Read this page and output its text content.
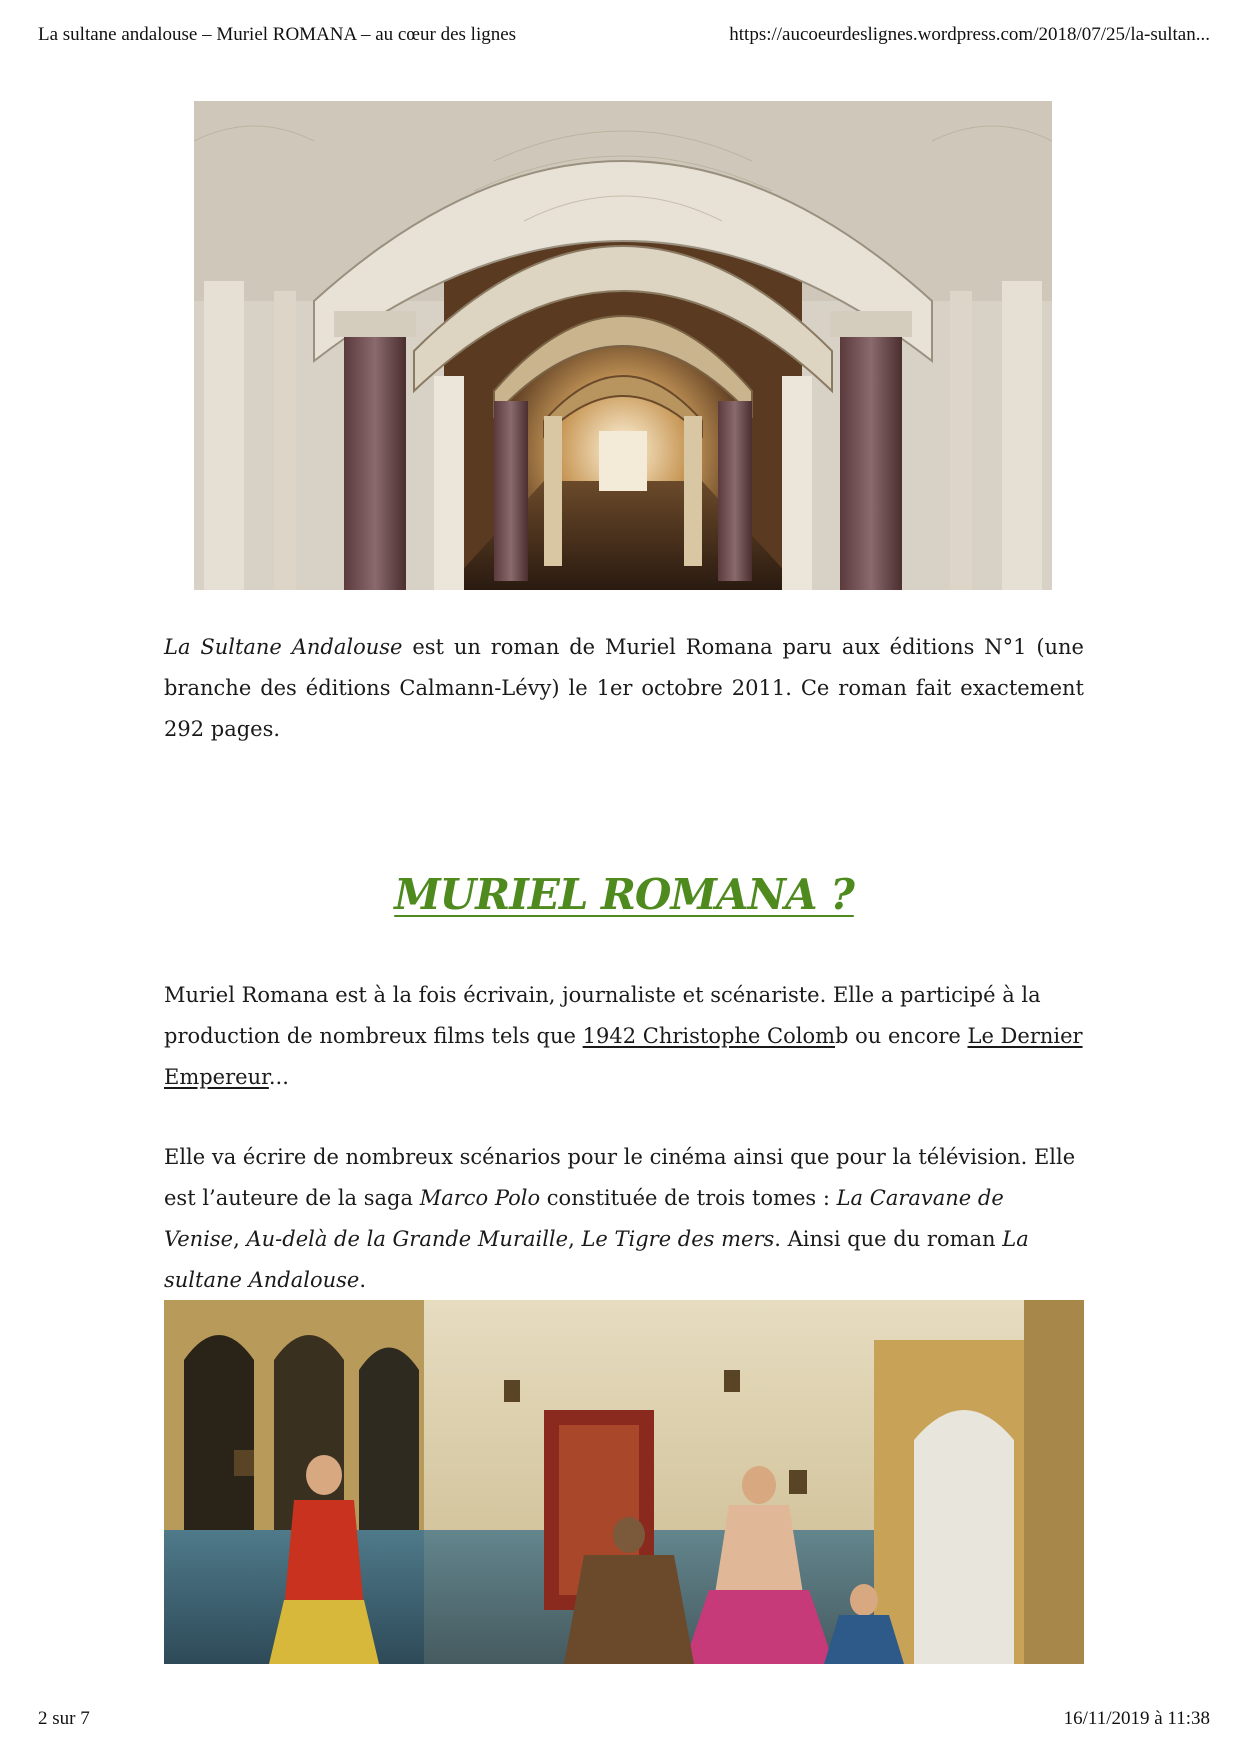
La sultane andalouse – Muriel ROMANA – au cœur des lignes	https://aucoeurdeslignes.wordpress.com/2018/07/25/la-sultan...

La Sultane Andalouse est un roman de Muriel Romana paru aux éditions N°1 (une branche des éditions Calmann-Lévy) le 1er octobre 2011. Ce roman fait exactement 292 pages.

MURIEL ROMANA ?

Muriel Romana est à la fois écrivain, journaliste et scénariste. Elle a participé à la production de nombreux films tels que 1942 Christophe Colomb ou encore Le Dernier Empereur...

Elle va écrire de nombreux scénarios pour le cinéma ainsi que pour la télévision. Elle est l’auteure de la saga Marco Polo constituée de trois tomes : La Caravane de Venise, Au-delà de la Grande Muraille, Le Tigre des mers. Ainsi que du roman La sultane Andalouse.

2 sur 7	16/11/2019 à 11:38
